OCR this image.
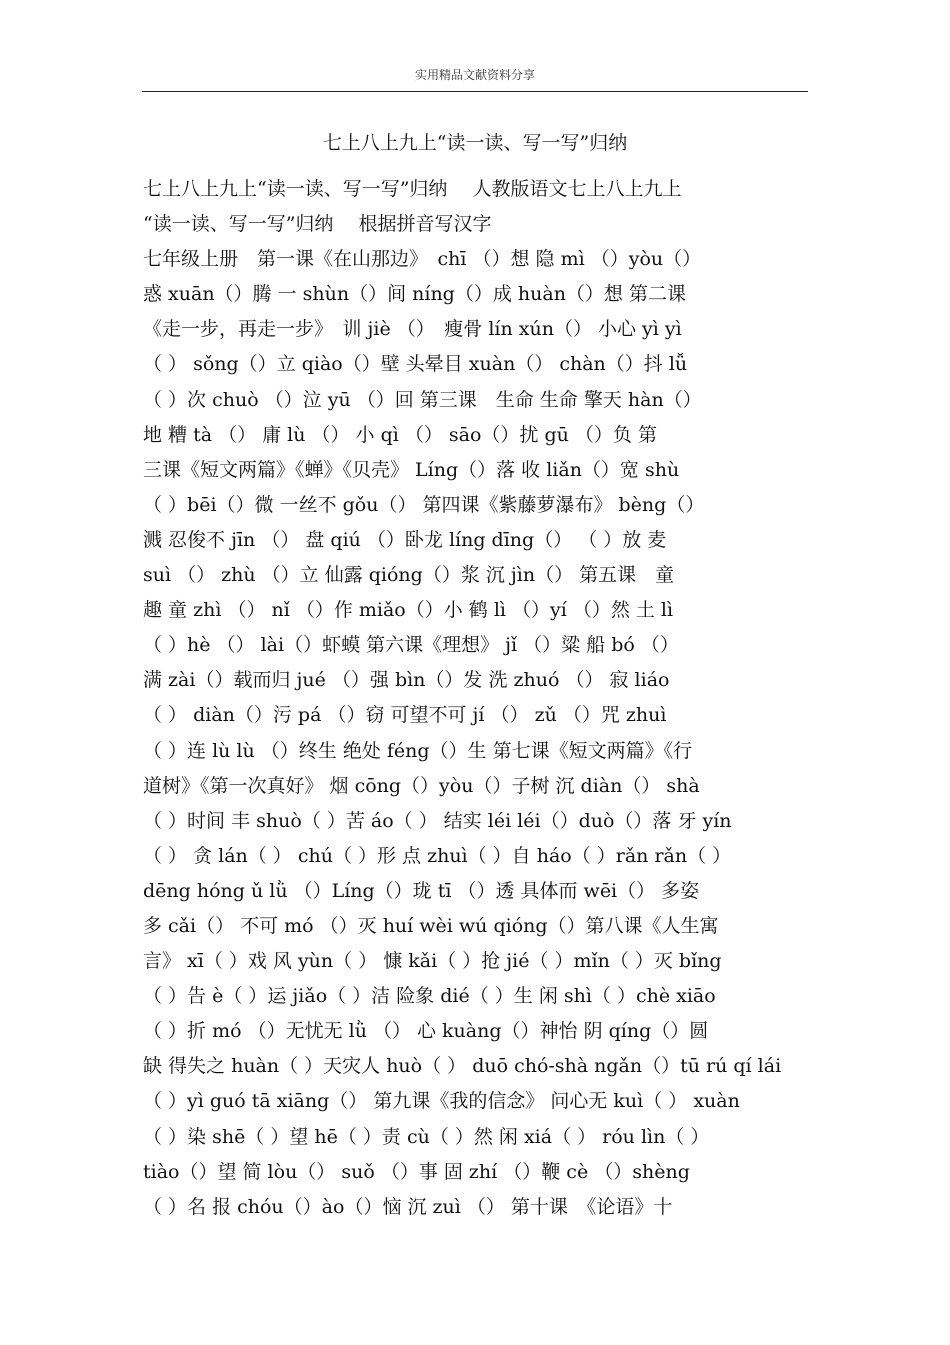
实用精品文献资料分享
七上八上九上“读一读、写一写”归纳
七上八上九上“读一读、写一写”归纳　 人教版语文七上八上九上
“读一读、写一写”归纳　 根据拼音写汉字
七年级上册　第一课《在山那边》　chī （）想 隐 mì （）yòu（）
惑 xuān（）腾 一 shùn（）间 níng（）成 huàn（）想 第二课
《走一步，再走一步》　训 jiè （）　瘦骨 lín xún（） 小心 yì yì
（ ） sǒng（）立 qiào（）壁 头晕目 xuàn（） chàn（）抖 lǚ
（ ）次 chuò （）泣 yū （）回 第三课　生命 生命 擎天 hàn（）
地 糟 tà （） 庸 lù （） 小 qì （） sāo（）扰 gū （）负 第
三课《短文两篇》《蝉》《贝壳》 Líng（）落 收 liǎn（）宽 shù
（ ）bēi（）微 一丝不 gǒu（） 第四课《紫藤萝瀑布》 bèng（）
溅 忍俊不 jīn （） 盘 qiú （）卧龙 líng dīng（） （ ）放 麦
suì （） zhù （）立 仙露 qióng（）浆 沉 jìn（） 第五课　童
趣 童 zhì （） nǐ （）作 miǎo（）小 鹤 lì （）yí （）然 土 lì
（ ）hè （） lài（）虾蟆 第六课《理想》 jǐ （）粱 船 bó （）
满 zài（）载而归 jué （）强 bìn（）发 洗 zhuó （） 寂 liáo
（ ） diàn（）污 pá （）窃 可望不可 jí （） zǔ （）咒 zhuì
（ ）连 lù lù （）终生 绝处 féng（）生 第七课《短文两篇》《行
道树》《第一次真好》 烟 cōng（）yòu（）子树 沉 diàn（） shà
（ ）时间 丰 shuò（ ）苦 áo（ ） 结实 léi léi（）duò（）落 牙 yín
（ ） 贪 lán（ ） chú（ ）形 点 zhuì（ ）自 háo（ ）rǎn rǎn（ ）
dēng hóng ǔ lǜ （）Líng（）珑 tī （）透 具体而 wēi（） 多姿
多 cǎi（） 不可 mó （）灭 huí wèi wú qióng（）第八课《人生寓
言》 xī（ ）戏 风 yùn（ ） 慷 kǎi（ ）抢 jié（ ）mǐn（ ）灭 bǐng
（ ）告 è（ ）运 jiǎo（ ）洁 险象 dié（ ）生 闲 shì（ ）chè xiāo
（ ）折 mó （）无忧无 lǜ （） 心 kuàng（）神怡 阴 qíng（）圆
缺 得失之 huàn（ ）天灾人 huò（ ） duō chó-shà ngǎn（）tū rú qí lái
（ ）yì guó tā xiāng（） 第九课《我的信念》 问心无 kuì（ ） xuàn
（ ）染 shē（ ）望 hē（ ）责 cù（ ）然 闲 xiá（ ） róu lìn（ ）
tiào（）望 简 lòu（） suǒ （）事 固 zhí （）鞭 cè （）shèng
（ ）名 报 chóu（）ào（）恼 沉 zuì （） 第十课　《论语》十
